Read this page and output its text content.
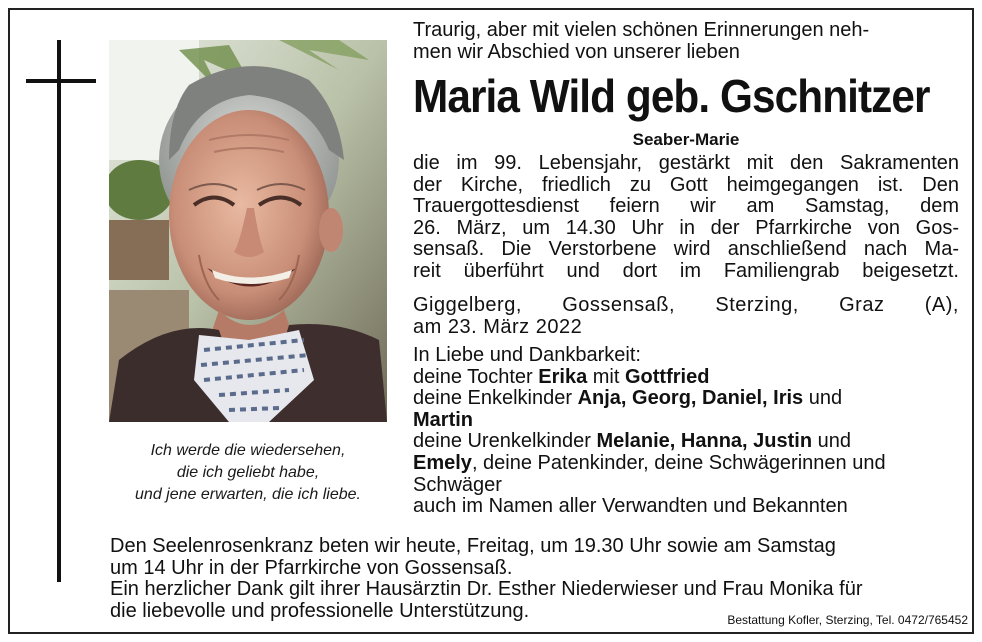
Ich werde die wiedersehen,
die ich geliebt habe,
und jene erwarten, die ich liebe.
Traurig, aber mit vielen schönen Erinnerungen neh-
men wir Abschied von unserer lieben
Maria Wild geb. Gschnitzer
Seaber-Marie
die im 99. Lebensjahr, gestärkt mit den Sakramenten
der Kirche, friedlich zu Gott heimgegangen ist. Den
Trauergottesdienst feiern wir am Samstag, dem
26. März, um 14.30 Uhr in der Pfarrkirche von Gos-
sensaß. Die Verstorbene wird anschließend nach Ma-
reit überführt und dort im Familiengrab beigesetzt.
Giggelberg, Gossensaß, Sterzing, Graz (A),
am 23. März 2022
In Liebe und Dankbarkeit:
deine Tochter Erika mit Gottfried
deine Enkelkinder Anja, Georg, Daniel, Iris und
Martin
deine Urenkelkinder Melanie, Hanna, Justin und
Emely, deine Patenkinder, deine Schwägerinnen und
Schwäger
auch im Namen aller Verwandten und Bekannten
Den Seelenrosenkranz beten wir heute, Freitag, um 19.30 Uhr sowie am Samstag
um 14 Uhr in der Pfarrkirche von Gossensaß.
Ein herzlicher Dank gilt ihrer Hausärztin Dr. Esther Niederwieser und Frau Monika für
die liebevolle und professionelle Unterstützung.	Bestattung Kofler, Sterzing, Tel. 0472/765452
